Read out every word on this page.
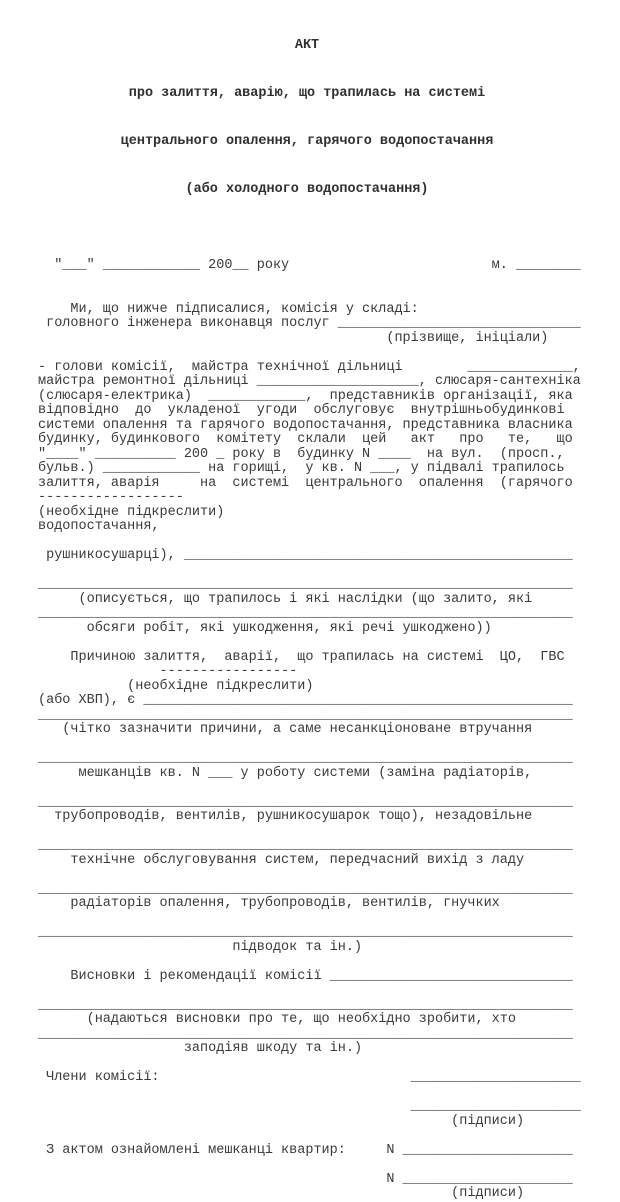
АКТ

про залиття, аварію, що трапилась на системі

центрального опалення, гарячого водопостачання

(або холодного водопостачання)

"___" ____________ 200__ року                         м. ________

Ми, що нижче підписалися, комісія у складі:
головного інженера виконавця послуг ______________________________
(прізвище, ініціали)

- голови комісії,  майстра технічної дільниці        _____________,
майстра ремонтної дільниці ____________________, слюсаря-сантехніка
(слюсаря-електрика)  ____________,  представників організації, яка
відповідно  до  укладеної  угоди  обслуговує  внутрішньобудинкові
системи опалення та гарячого водопостачання, представника власника
будинку, будинкового  комітету  склали  цей   акт   про   те,   що
"____" __________ 200 _ року в  будинку N ____  на вул.  (просп.,
бульв.) ____________ на горищі,  у кв. N ___, у підвалі трапилось
залиття, аварія     на  системі  центрального  опалення  (гарячого
------------------
(необхідне підкреслити)
водопостачання,

рушникосушарці), ________________________________________________

__________________________________________________________________
(описується, що трапилось і які наслідки (що залито, які
__________________________________________________________________
обсяги робіт, які ушкодження, які речі ушкоджено))

Причиною залиття,  аварії,  що трапилась на системі  ЦО,  ГВС
-----------------
(необхідне підкреслити)
(або ХВП), є _____________________________________________________
__________________________________________________________________
(чітко зазначити причини, а саме несанкціоноване втручання

__________________________________________________________________
мешканців кв. N ___ у роботу системи (заміна радіаторів,

__________________________________________________________________
трубопроводів, вентилів, рушникосушарок тощо), незадовільне

__________________________________________________________________
технічне обслуговування систем, передчасний вихід з ладу

__________________________________________________________________
радіаторів опалення, трубопроводів, вентилів, гнучких

__________________________________________________________________
підводок та ін.)

Висновки і рекомендації комісії ______________________________

__________________________________________________________________
(надаються висновки про те, що необхідно зробити, хто
__________________________________________________________________
заподіяв шкоду та ін.)

Члени комісії:                               _____________________

_____________________
(підписи)

З актом ознайомлені мешканці квартир:     N _____________________

N _____________________
(підписи)
